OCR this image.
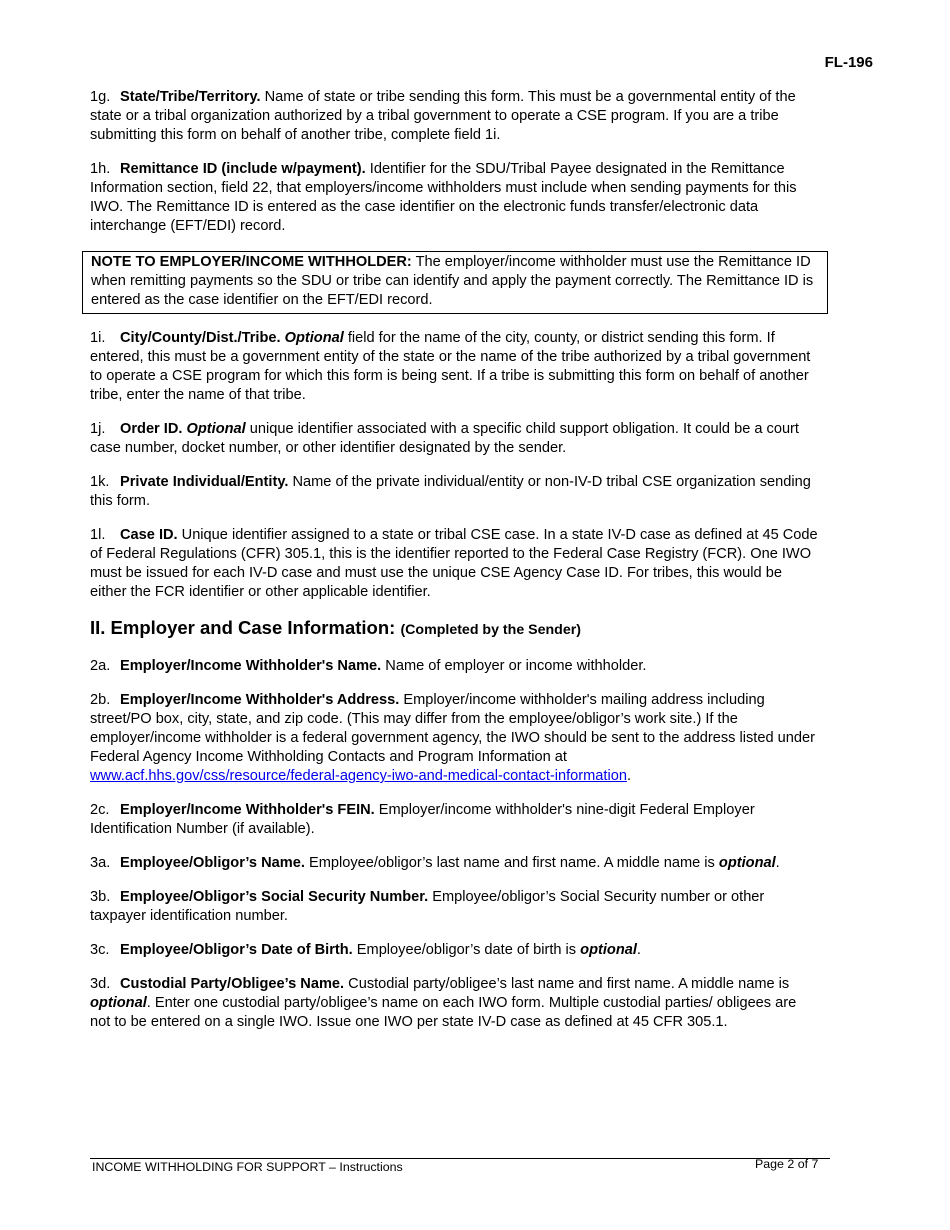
FL-196

1g. State/Tribe/Territory. Name of state or tribe sending this form. This must be a governmental entity of the state or a tribal organization authorized by a tribal government to operate a CSE program. If you are a tribe submitting this form on behalf of another tribe, complete field 1i.

1h. Remittance ID (include w/payment). Identifier for the SDU/Tribal Payee designated in the Remittance Information section, field 22, that employers/income withholders must include when sending payments for this IWO. The Remittance ID is entered as the case identifier on the electronic funds transfer/electronic data interchange (EFT/EDI) record.

NOTE TO EMPLOYER/INCOME WITHHOLDER: The employer/income withholder must use the Remittance ID when remitting payments so the SDU or tribe can identify and apply the payment correctly. The Remittance ID is entered as the case identifier on the EFT/EDI record.

1i. City/County/Dist./Tribe. Optional field for the name of the city, county, or district sending this form. If entered, this must be a government entity of the state or the name of the tribe authorized by a tribal government to operate a CSE program for which this form is being sent. If a tribe is submitting this form on behalf of another tribe, enter the name of that tribe.

1j. Order ID. Optional unique identifier associated with a specific child support obligation. It could be a court case number, docket number, or other identifier designated by the sender.

1k. Private Individual/Entity. Name of the private individual/entity or non-IV-D tribal CSE organization sending this form.

1l. Case ID. Unique identifier assigned to a state or tribal CSE case. In a state IV-D case as defined at 45 Code of Federal Regulations (CFR) 305.1, this is the identifier reported to the Federal Case Registry (FCR). One IWO must be issued for each IV-D case and must use the unique CSE Agency Case ID. For tribes, this would be either the FCR identifier or other applicable identifier.

II. Employer and Case Information: (Completed by the Sender)

2a. Employer/Income Withholder's Name. Name of employer or income withholder.

2b. Employer/Income Withholder's Address. Employer/income withholder's mailing address including street/PO box, city, state, and zip code. (This may differ from the employee/obligor’s work site.) If the employer/income withholder is a federal government agency, the IWO should be sent to the address listed under Federal Agency Income Withholding Contacts and Program Information at www.acf.hhs.gov/css/resource/federal-agency-iwo-and-medical-contact-information.

2c. Employer/Income Withholder's FEIN. Employer/income withholder's nine-digit Federal Employer Identification Number (if available).

3a. Employee/Obligor’s Name. Employee/obligor’s last name and first name. A middle name is optional.

3b. Employee/Obligor’s Social Security Number. Employee/obligor’s Social Security number or other taxpayer identification number.

3c. Employee/Obligor’s Date of Birth. Employee/obligor’s date of birth is optional.

3d. Custodial Party/Obligee’s Name. Custodial party/obligee’s last name and first name. A middle name is optional. Enter one custodial party/obligee’s name on each IWO form. Multiple custodial parties/ obligees are not to be entered on a single IWO. Issue one IWO per state IV-D case as defined at 45 CFR 305.1.

INCOME WITHHOLDING FOR SUPPORT – Instructions	Page 2 of 7
